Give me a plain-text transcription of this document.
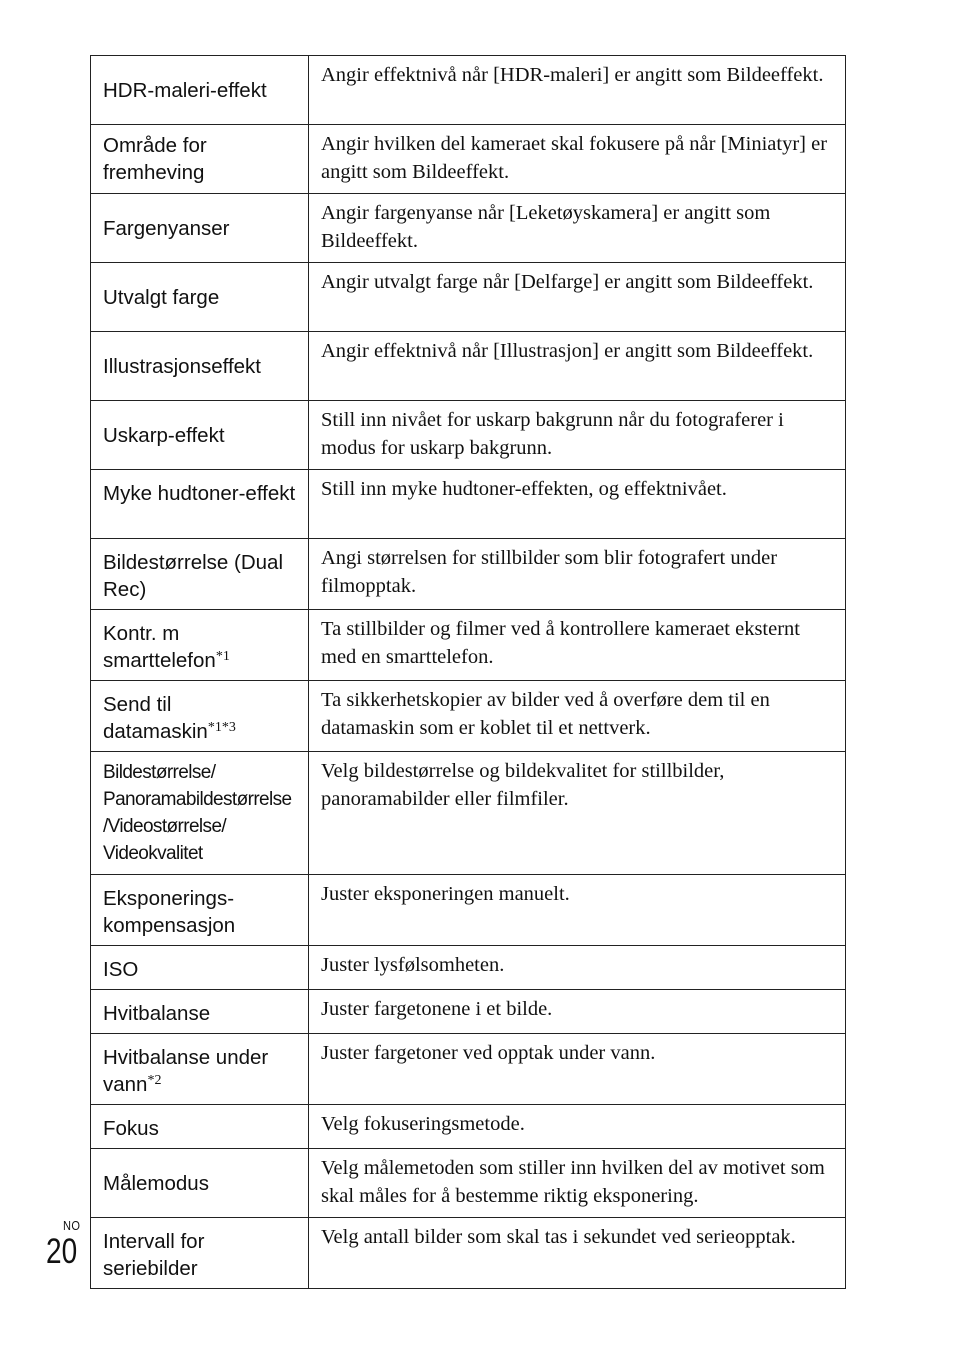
HDR-maleri-effekt	Angir effektnivå når [HDR-maleri] er angitt som Bildeeffekt.
Område for fremheving	Angir hvilken del kameraet skal fokusere på når [Miniatyr] er angitt som Bildeeffekt.
Fargenyanser	Angir fargenyanse når [Leketøyskamera] er angitt som Bildeeffekt.
Utvalgt farge	Angir utvalgt farge når [Delfarge] er angitt som Bildeeffekt.
Illustrasjonseffekt	Angir effektnivå når [Illustrasjon] er angitt som Bildeeffekt.
Uskarp-effekt	Still inn nivået for uskarp bakgrunn når du fotograferer i modus for uskarp bakgrunn.
Myke hudtoner-effekt	Still inn myke hudtoner-effekten, og effektnivået.
Bildestørrelse (Dual Rec)	Angi størrelsen for stillbilder som blir fotografert under filmopptak.
Kontr. m smarttelefon$^{*1}$	Ta stillbilder og filmer ved å kontrollere kameraet eksternt med en smarttelefon.
Send til datamaskin$^{*1*3}$	Ta sikkerhetskopier av bilder ved å overføre dem til en datamaskin som er koblet til et nettverk.
Bildestørrelse/ Panoramabildestørrelse /Videostørrelse/ Videokvalitet	Velg bildestørrelse og bildekvalitet for stillbilder, panoramabilder eller filmfiler.
Eksponerings-kompensasjon	Juster eksponeringen manuelt.
ISO	Juster lysfølsomheten.
Hvitbalanse	Juster fargetonene i et bilde.
Hvitbalanse under vann$^{*2}$	Juster fargetoner ved opptak under vann.
Fokus	Velg fokuseringsmetode.
Målemodus	Velg målemetoden som stiller inn hvilken del av motivet som skal måles for å bestemme riktig eksponering.
Intervall for seriebilder	Velg antall bilder som skal tas i sekundet ved serieopptak.
NO
20
